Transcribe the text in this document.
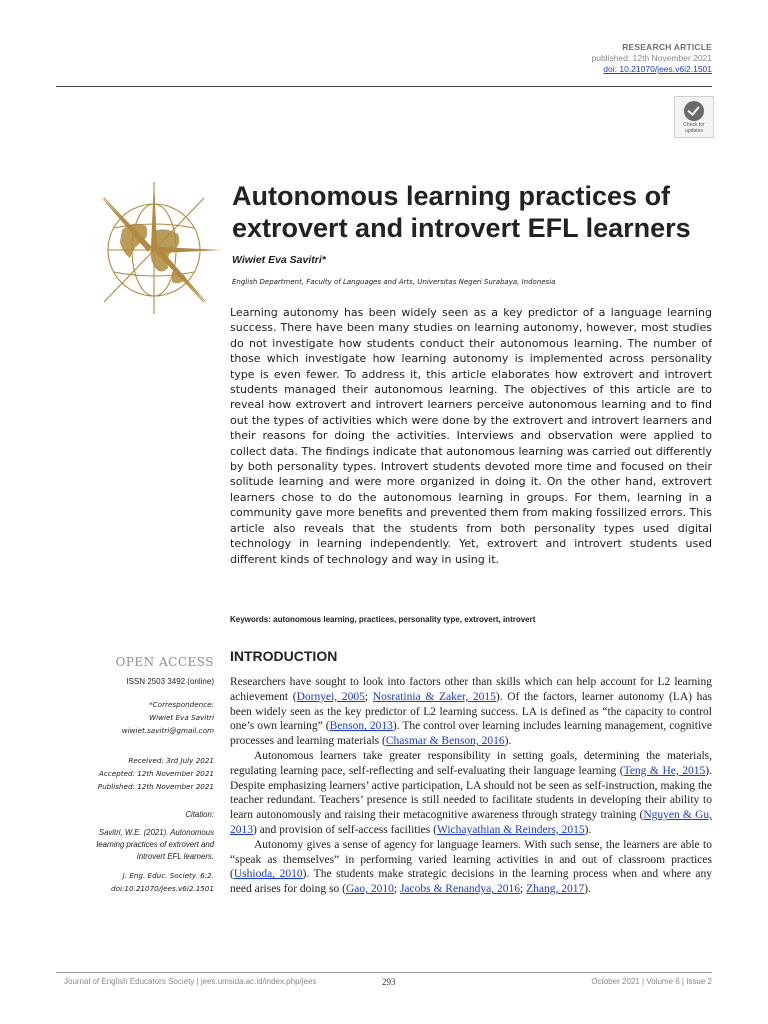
RESEARCH ARTICLE
published: 12th November 2021
doi: 10.21070/jees.v6i2.1501
Check for
updates
Autonomous learning practices of
extrovert and introvert EFL learners
Wiwiet Eva Savitri*
English Department, Faculty of Languages and Arts, Universitas Negeri Surabaya, Indonesia

Learning autonomy has been widely seen as a key predictor of a language learning success. There have been many studies on learning autonomy, however, most studies do not investigate how students conduct their autonomous learning. The number of those which investigate how learning autonomy is implemented across personality type is even fewer. To address it, this article elaborates how extrovert and introvert students managed their autonomous learning. The objectives of this article are to reveal how extrovert and introvert learners perceive autonomous learning and to find out the types of activities which were done by the extrovert and introvert learners and their reasons for doing the activities. Interviews and observation were applied to collect data. The findings indicate that autonomous learning was carried out differently by both personality types. Introvert students devoted more time and focused on their solitude learning and were more organized in doing it. On the other hand, extrovert learners chose to do the autonomous learning in groups. For them, learning in a community gave more benefits and prevented them from making fossilized errors. This article also reveals that the students from both personality types used digital technology in learning independently. Yet, extrovert and introvert students used different kinds of technology and way in using it.

Keywords: autonomous learning, practices, personality type, extrovert, introvert
OPEN ACCESS
ISSN 2503 3492 (online)
*Correspondence:
Wiwiet Eva Savitri
wiwiet.savitri@gmail.com
Received: 3rd July 2021
Accepted: 12th November 2021
Published: 12th November 2021
Citation:
Savitri, W.E. (2021). Autonomous
learning practices of extrovert and
introvert EFL learners.
J. Eng. Educ. Society. 6:2.
doi:10.21070/jees.v6i2.1501
INTRODUCTION

Researchers have sought to look into factors other than skills which can help account for L2 learning achievement (Dornyei, 2005; Nosratinia & Zaker, 2015). Of the factors, learner autonomy (LA) has been widely seen as the key predictor of L2 learning success. LA is defined as “the capacity to control one’s own learning” (Benson, 2013). The control over learning includes learning management, cognitive processes and learning materials (Chasmar & Benson, 2016).

Autonomous learners take greater responsibility in setting goals, determining the materials, regulating learning pace, self-reflecting and self-evaluating their language learning (Teng & He, 2015). Despite emphasizing learners’ active participation, LA should not be seen as self-instruction, making the teacher redundant. Teachers’ presence is still needed to facilitate students in developing their ability to learn autonomously and raising their metacognitive awareness through strategy training (Nguyen & Gu, 2013) and provision of self-access facilities (Wichayathian & Reinders, 2015).

Autonomy gives a sense of agency for language learners. With such sense, the learners are able to “speak as themselves” in performing varied learning activities in and out of classroom practices (Ushioda, 2010). The students make strategic decisions in the learning process when and where any need arises for doing so (Gao, 2010; Jacobs & Renandya, 2016; Zhang, 2017).

Journal of English Educators Society | jees.umsida.ac.id/index.php/jees	293	October 2021 | Volume 6 | Issue 2
